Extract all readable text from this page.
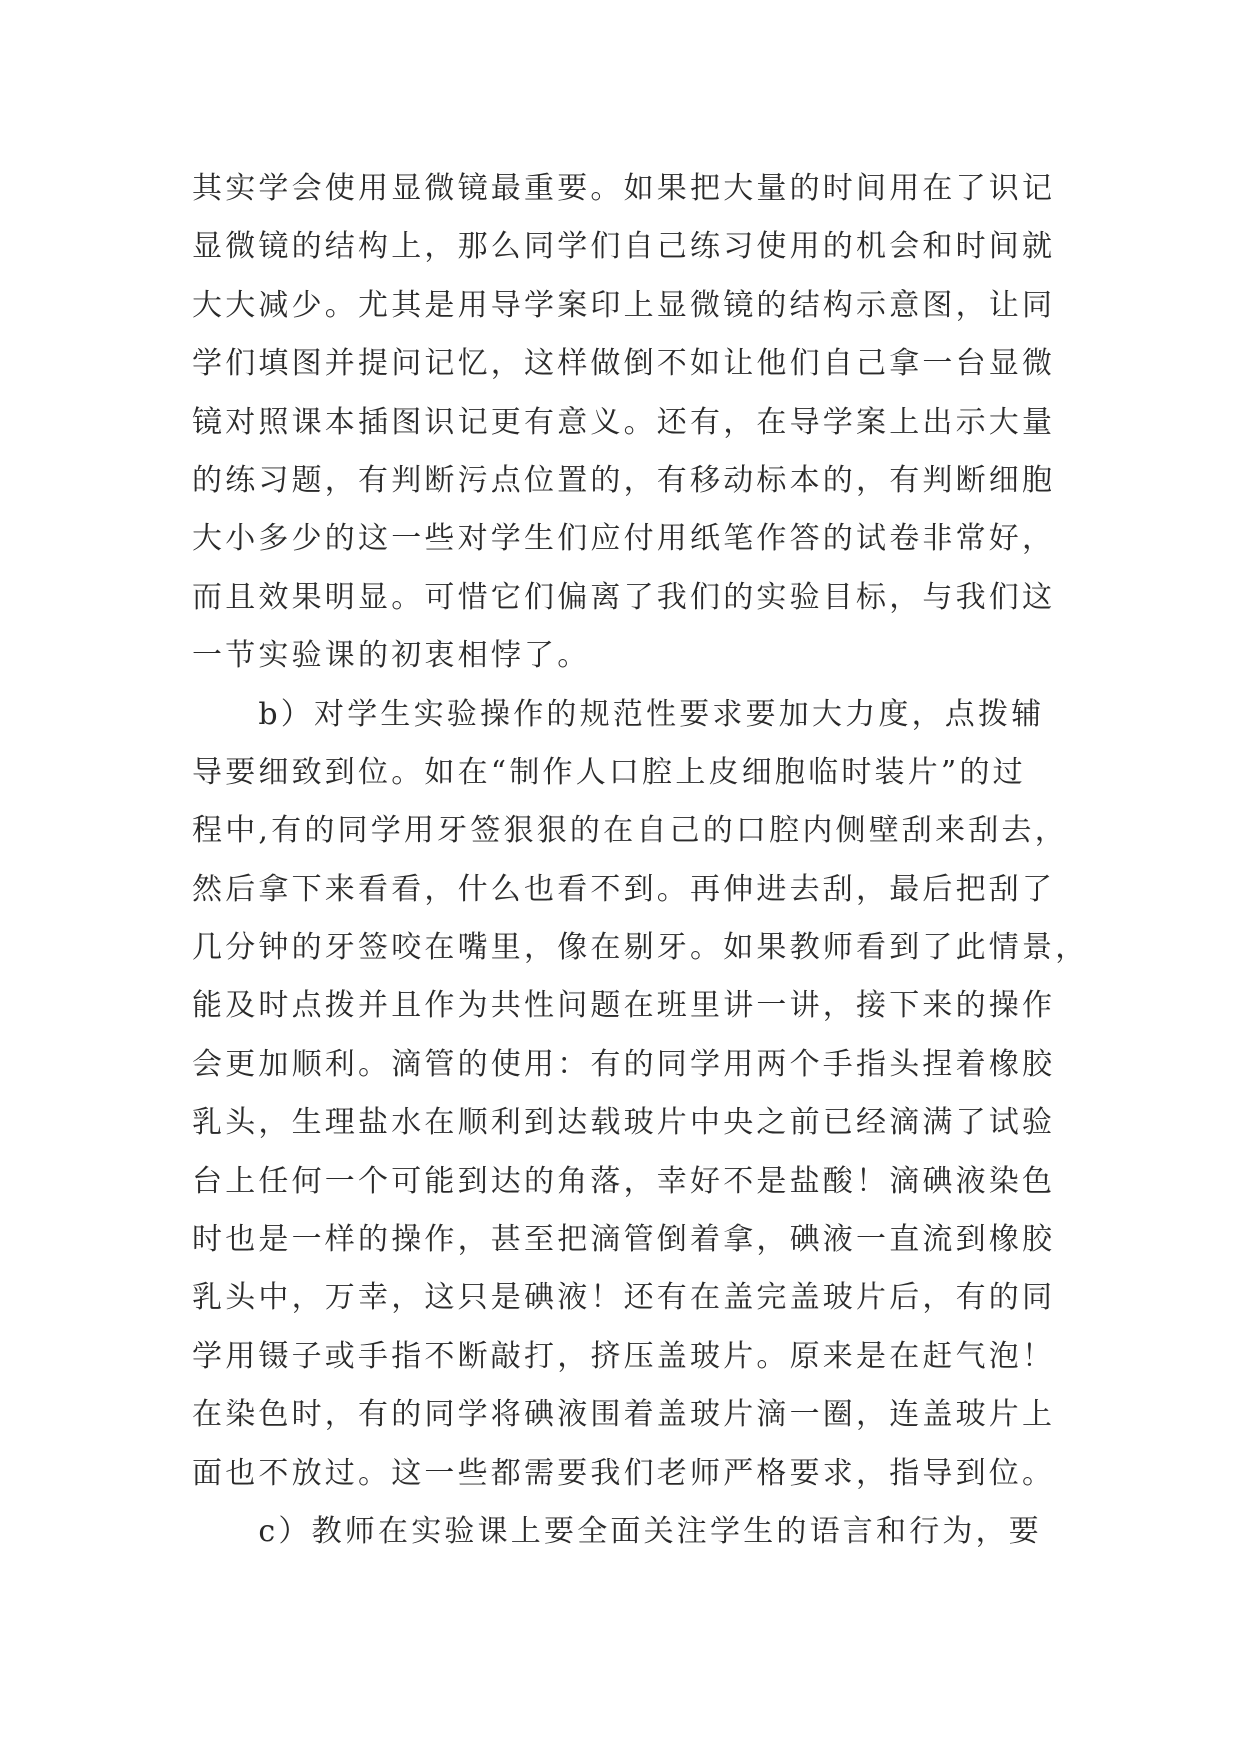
其实学会使用显微镜最重要。如果把大量的时间用在了识记
显微镜的结构上，那么同学们自己练习使用的机会和时间就
大大减少。尤其是用导学案印上显微镜的结构示意图，让同
学们填图并提问记忆，这样做倒不如让他们自己拿一台显微
镜对照课本插图识记更有意义。还有，在导学案上出示大量
的练习题，有判断污点位置的，有移动标本的，有判断细胞
大小多少的这一些对学生们应付用纸笔作答的试卷非常好，
而且效果明显。可惜它们偏离了我们的实验目标，与我们这
一节实验课的初衷相悖了。
　　b）对学生实验操作的规范性要求要加大力度，点拨辅
导要细致到位。如在“制作人口腔上皮细胞临时装片”的过
程中,有的同学用牙签狠狠的在自己的口腔内侧壁刮来刮去，
然后拿下来看看，什么也看不到。再伸进去刮，最后把刮了
几分钟的牙签咬在嘴里，像在剔牙。如果教师看到了此情景，
能及时点拨并且作为共性问题在班里讲一讲，接下来的操作
会更加顺利。滴管的使用：有的同学用两个手指头捏着橡胶
乳头，生理盐水在顺利到达载玻片中央之前已经滴满了试验
台上任何一个可能到达的角落，幸好不是盐酸！滴碘液染色
时也是一样的操作，甚至把滴管倒着拿，碘液一直流到橡胶
乳头中，万幸，这只是碘液！还有在盖完盖玻片后，有的同
学用镊子或手指不断敲打，挤压盖玻片。原来是在赶气泡！
在染色时，有的同学将碘液围着盖玻片滴一圈，连盖玻片上
面也不放过。这一些都需要我们老师严格要求，指导到位。
　　c）教师在实验课上要全面关注学生的语言和行为，要
